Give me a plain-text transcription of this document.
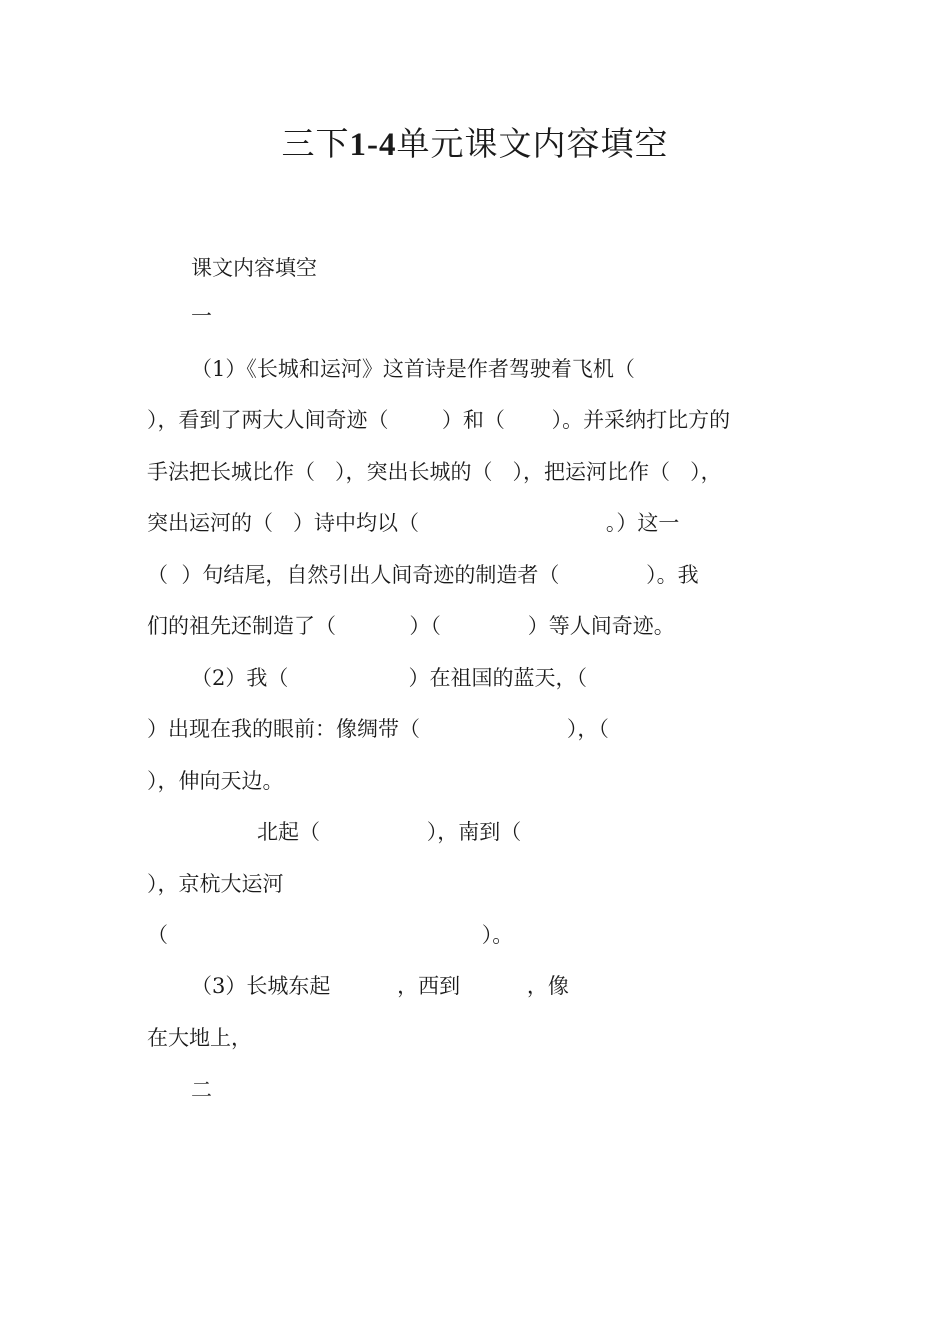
三下1-4单元课文内容填空
课文内容填空
一
（1）《长城和运河》这首诗是作者驾驶着飞机（
），看到了两大人间奇迹（        ）和（       ）。并采纳打比方的
手法把长城比作（   ），突出长城的（   ），把运河比作（   ），
突出运河的（   ）诗中均以（                            。）这一
（  ）句结尾，自然引出人间奇迹的制造者（             ）。我
们的祖先还制造了（           ）（             ）等人间奇迹。
（2）我（                  ）在祖国的蓝天，（
）出现在我的眼前：像绸带（                      ），（
），伸向天边。
北起（                ），南到（
），京杭大运河
（                                               ）。
（3）长城东起          ，西到          ，像
在大地上，
二
